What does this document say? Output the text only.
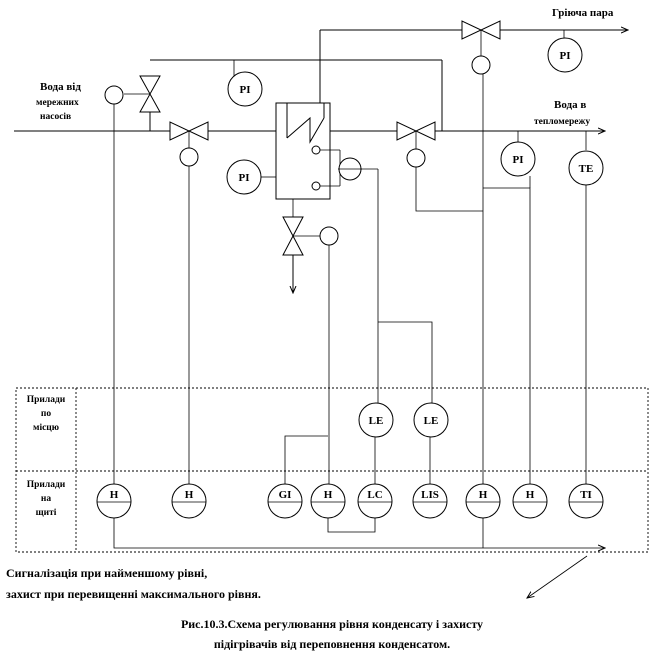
PI
PI
PI
PI
TE
Прилади
по
місцю
Прилади
на
щиті
LE	LE
H	H	GI	H	LC	LIS	H	H	TI
Гріюча пара
Вода від
мережних
насосів
Вода в
тепломережу
Сигналізація при найменшому рівні,
захист при перевищенні максимального рівня.
Рис.10.3.Схема регулювання рівня конденсату і захисту
підігрівачів від переповнення конденсатом.
